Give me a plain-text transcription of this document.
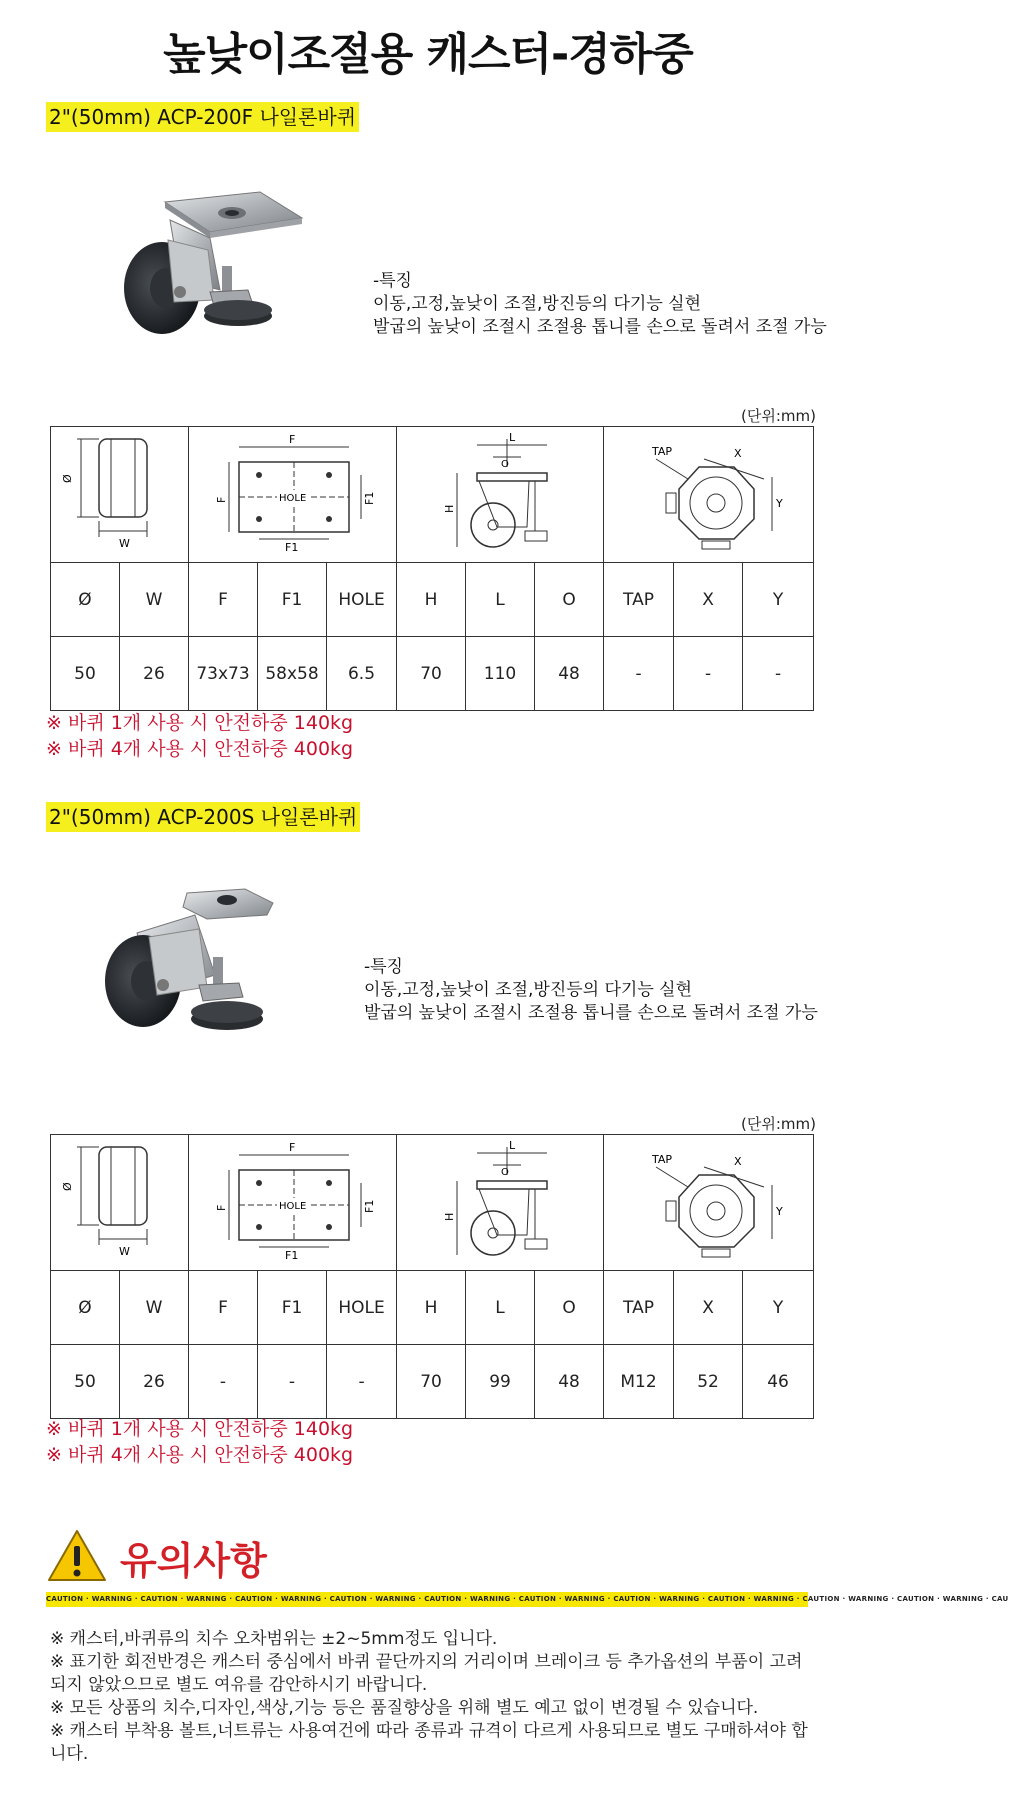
높낮이조절용 캐스터-경하중
2"(50mm) ACP-200F 나일론바퀴
-특징
이동,고정,높낮이 조절,방진등의 다기능 실현
발굽의 높낮이 조절시 조절용 톱니를 손으로 돌려서 조절 가능
(단위:mm)
Ø
W		F
HOLE
F F1
F1			L
O
H			TAP X
Y		

Ø	W	F	F1	HOLE	H	L	O	TAP	X	Y
50	26	73x73	58x58	6.5	70	110	48	-	-	-
※ 바퀴 1개 사용 시 안전하중 140kg
※ 바퀴 4개 사용 시 안전하중 400kg
2"(50mm) ACP-200S 나일론바퀴
-특징
이동,고정,높낮이 조절,방진등의 다기능 실현
발굽의 높낮이 조절시 조절용 톱니를 손으로 돌려서 조절 가능
(단위:mm)
Ø
W		F
HOLE
F F1
F1			L
O
H			TAP X
Y		

Ø	W	F	F1	HOLE	H	L	O	TAP	X	Y
50	26	-	-	-	70	99	48	M12	52	46
※ 바퀴 1개 사용 시 안전하중 140kg
※ 바퀴 4개 사용 시 안전하중 400kg
유의사항
CAUTION · WARNING · CAUTION · WARNING · CAUTION · WARNING · CAUTION · WARNING · CAUTION · WARNING · CAUTION · WARNING · CAUTION · WARNING · CAUTION · WARNING · CAUTION · WARNING · CAUTION · WARNING · CAU

※ 캐스터,바퀴류의 치수 오차범위는 ±2~5mm정도 입니다.

※ 표기한 회전반경은 캐스터 중심에서 바퀴 끝단까지의 거리이며 브레이크 등 추가옵션의 부품이 고려되지 않았으므로 별도 여유를 감안하시기 바랍니다.

※ 모든 상품의 치수,디자인,색상,기능 등은 품질향상을 위해 별도 예고 없이 변경될 수 있습니다.

※ 캐스터 부착용 볼트,너트류는 사용여건에 따라 종류과 규격이 다르게 사용되므로 별도 구매하셔야 합니다.
